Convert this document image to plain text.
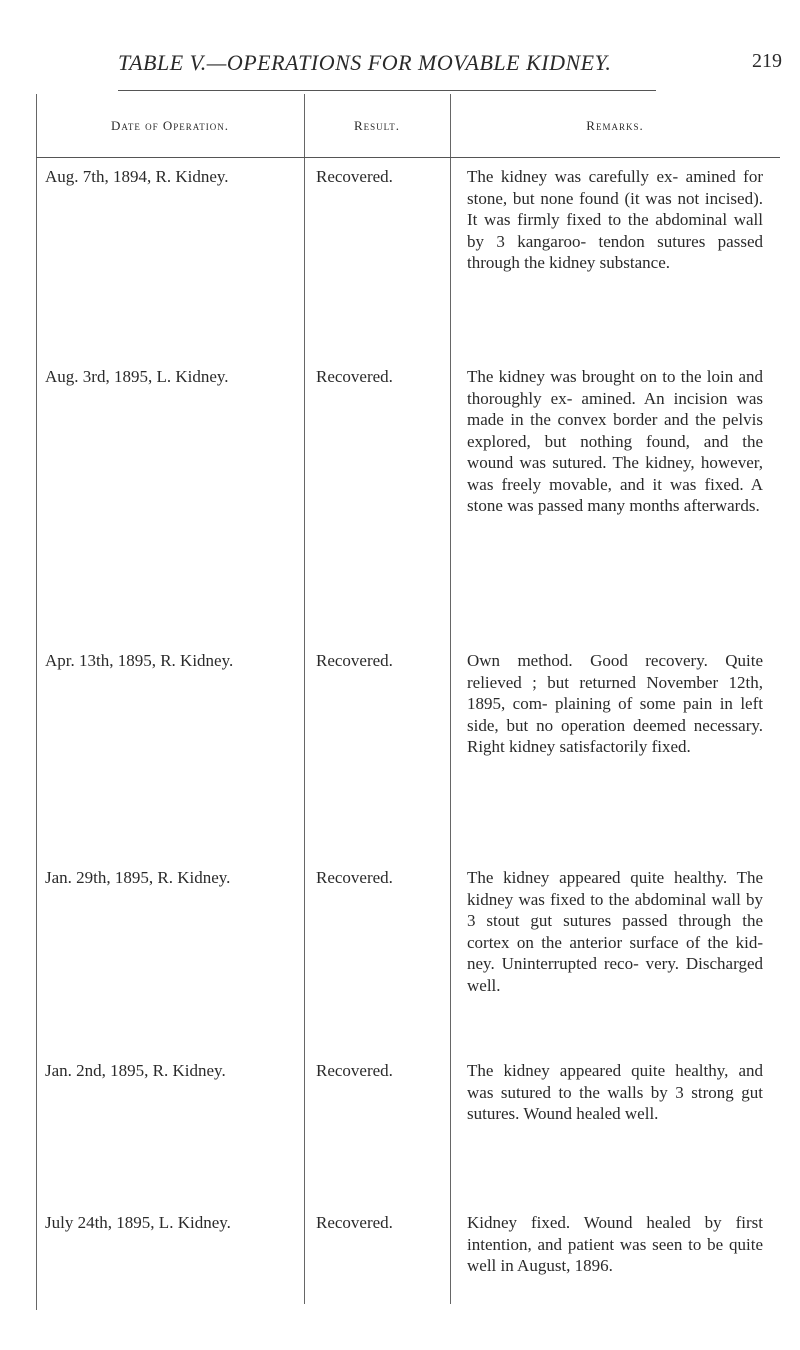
TABLE V.—OPERATIONS FOR MOVABLE KIDNEY.	219
Date of Operation.	Result.	Remarks.
Aug. 7th, 1894, R. Kidney.	Recovered.	The kidney was carefully ex- amined for stone, but none found (it was not incised). It was firmly fixed to the abdominal wall by 3 kangaroo- tendon sutures passed through the kidney substance.
Aug. 3rd, 1895, L. Kidney.	Recovered.	The kidney was brought on to the loin and thoroughly ex- amined. An incision was made in the convex border and the pelvis explored, but nothing found, and the wound was sutured. The kidney, however, was freely movable, and it was fixed. A stone was passed many months afterwards.
Apr. 13th, 1895, R. Kidney.	Recovered.	Own method. Good recovery. Quite relieved ; but returned November 12th, 1895, com- plaining of some pain in left side, but no operation deemed necessary. Right kidney satisfactorily fixed.
Jan. 29th, 1895, R. Kidney.	Recovered.	The kidney appeared quite healthy. The kidney was fixed to the abdominal wall by 3 stout gut sutures passed through the cortex on the anterior surface of the kid- ney. Uninterrupted reco- very. Discharged well.
Jan. 2nd, 1895, R. Kidney.	Recovered.	The kidney appeared quite healthy, and was sutured to the walls by 3 strong gut sutures. Wound healed well.
July 24th, 1895, L. Kidney.	Recovered.	Kidney fixed. Wound healed by first intention, and patient was seen to be quite well in August, 1896.
